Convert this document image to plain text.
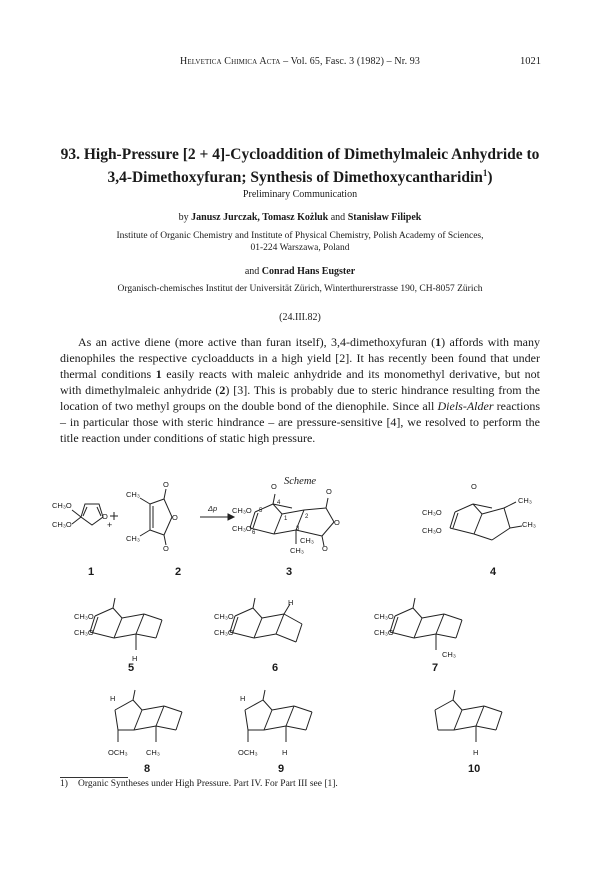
Helvetica Chimica Acta – Vol. 65, Fasc. 3 (1982) – Nr. 93	1021
93. High-Pressure [2 + 4]-Cycloaddition of Dimethylmaleic Anhydride to
3,4-Dimethoxyfuran; Synthesis of Dimethoxycantharidin$^1$)
Preliminary Communication
by Janusz Jurczak, Tomasz Kożluk and Stanisław Filipek
Institute of Organic Chemistry and Institute of Physical Chemistry, Polish Academy of Sciences,
01-224 Warszawa, Poland
and Conrad Hans Eugster
Organisch-chemisches Institut der Universität Zürich, Winterthurerstrasse 190, CH-8057 Zürich
(24.III.82)
As an active diene (more active than furan itself), 3,4-dimethoxyfuran (1) affords with many dienophiles the respective cycloadducts in a high yield [2]. It has recently been found that under thermal conditions 1 easily reacts with maleic anhydride and its monomethyl derivative, but not with dimethylmaleic anhydride (2) [3]. This is probably due to steric hindrance resulting from the location of two methyl groups on the double bond of the dienophile. Since all Diels-Alder reactions – in particular those with steric hindrance – are pressure-sensitive [4], we resolved to perform the title reaction under conditions of static high pressure.
Scheme
CH₃O
CH₃O
O
+
CH₃
CH₃
O
O
O
Δp
O
CH₃O
CH₃O
O
O
O
CH₃
CH₃
1	2
3
4
5
6
O
CH₃O
CH₃O
CH₃
CH₃
CH₃O
CH₃O
H
CH₃O
CH₃O
H
CH₃O
CH₃O
CH₃
H
OCH₃ CH₃
H
OCH₃	H	H
1	2	3	4
5	6	7
8	9	10
1) Organic Syntheses under High Pressure. Part IV. For Part III see [1].
